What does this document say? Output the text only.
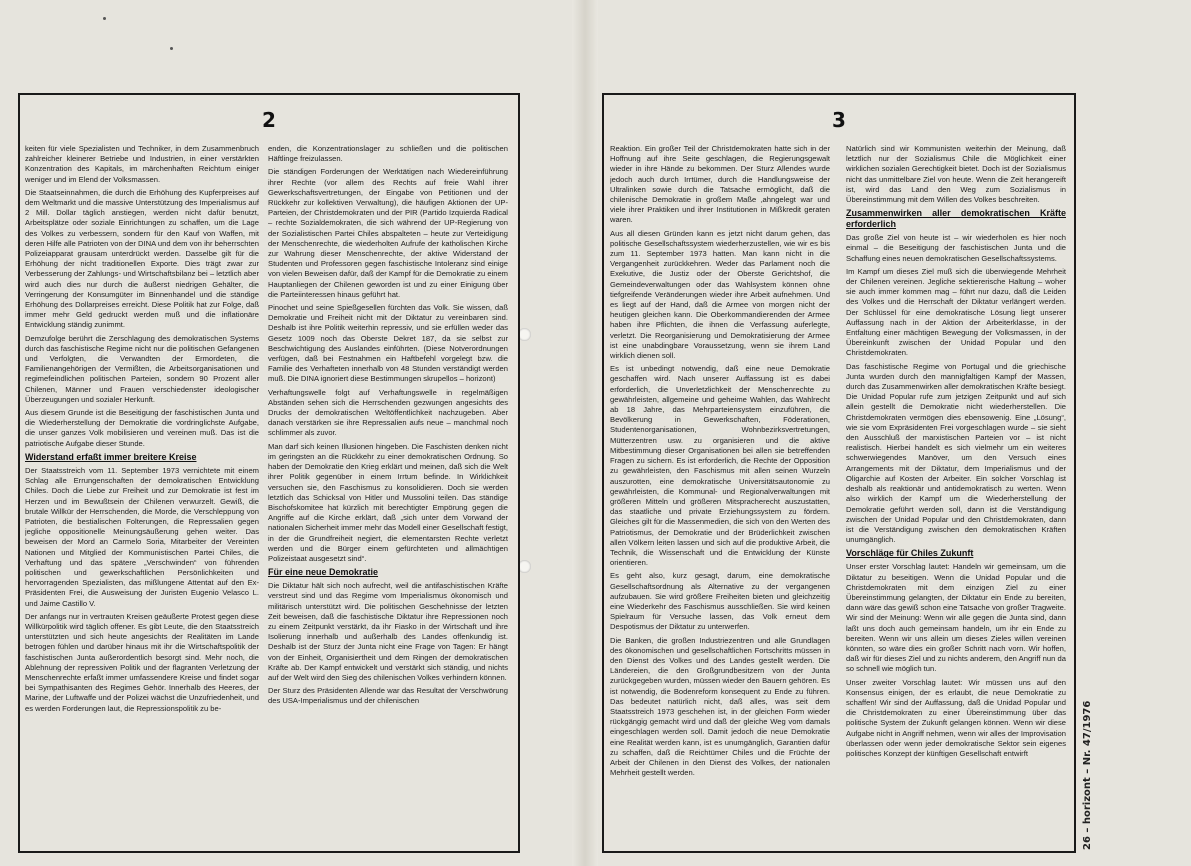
2

keiten für viele Spezialisten und Techniker, in dem Zusammenbruch zahlreicher kleinerer Betriebe und Industrien, in einer verstärkten Konzentration des Kapitals, im märchenhaften Reichtum einiger weniger und im Elend der Volksmassen.

Die Staatseinnahmen, die durch die Erhöhung des Kupferpreises auf dem Weltmarkt und die massive Unterstützung des Imperialismus auf 2 Mill. Dollar täglich anstiegen, werden nicht dafür benutzt, Arbeitsplätze oder soziale Einrichtungen zu schaffen, um die Lage des Volkes zu verbessern, sondern für den Kauf von Waffen, mit deren Hilfe alle Patrioten von der DINA und dem von ihr beherrschten Polizeiapparat grausam unterdrückt werden. Dasselbe gilt für die Erhöhung der nicht traditionellen Exporte. Dies trägt zwar zur Verbesserung der Zahlungs- und Wirtschaftsbilanz bei – letztlich aber wird auch dies nur durch die äußerst niedrigen Gehälter, die Verringerung der Konsumgüter im Binnenhandel und die ständige Erhöhung des Dollarpreises erreicht. Diese Politik hat zur Folge, daß immer mehr Geld gedruckt werden muß und die inflationäre Entwicklung ständig zunimmt.

Demzufolge berührt die Zerschlagung des demokratischen Systems durch das faschistische Regime nicht nur die politischen Gefangenen und Verfolgten, die Verwandten der Ermordeten, die Familienangehörigen der Vermißten, die Arbeitsorganisationen und regimefeindlichen politischen Parteien, sondern 90 Prozent aller Chilenen, Männer und Frauen verschiedenster ideologischer Überzeugungen und sozialer Herkunft.

Aus diesem Grunde ist die Beseitigung der faschistischen Junta und die Wiederherstellung der Demokratie die vordringlichste Aufgabe, die unser ganzes Volk mobilisieren und vereinen muß. Das ist die patriotische Aufgabe dieser Stunde.

Widerstand erfaßt immer breitere Kreise

Der Staatsstreich vom 11. September 1973 vernichtete mit einem Schlag alle Errungenschaften der demokratischen Entwicklung Chiles. Doch die Liebe zur Freiheit und zur Demokratie ist fest im Herzen und im Bewußtsein der Chilenen verwurzelt. Gewiß, die brutale Willkür der Herrschenden, die Morde, die Verschleppung von Patrioten, die bestialischen Folterungen, die Repressalien gegen jegliche oppositionelle Meinungsäußerung gehen weiter. Das beweisen der Mord an Carmelo Soria, Mitarbeiter der Vereinten Nationen und Mitglied der Kommunistischen Partei Chiles, die Verhaftung und das spätere „Verschwinden“ von führenden politischen und gewerkschaftlichen Persönlichkeiten und hervorragenden Spezialisten, das mißlungene Attentat auf den Ex-Präsidenten Frei, die Ausweisung der Juristen Eugenio Velasco L. und Jaime Castillo V.

Der anfangs nur in vertrauten Kreisen geäußerte Protest gegen diese Willkürpolitik wird täglich offener. Es gibt Leute, die den Staatsstreich unterstützten und sich heute angesichts der Realitäten im Lande betrogen fühlen und darüber hinaus mit ihr die Wirtschaftspolitik der faschistischen Junta außerordentlich besorgt sind. Mehr noch, die Ablehnung der repressiven Politik und der flagranten Verletzung der Menschenrechte erfaßt immer umfassendere Kreise und findet sogar bei Sympathisanten des Regimes Gehör. Innerhalb des Heeres, der Marine, der Luftwaffe und der Polizei wächst die Unzufriedenheit, und es werden Forderungen laut, die Repressionspolitik zu be-

enden, die Konzentrationslager zu schließen und die politischen Häftlinge freizulassen.

Die ständigen Forderungen der Werktätigen nach Wiedereinführung ihrer Rechte (vor allem des Rechts auf freie Wahl ihrer Gewerkschaftsvertretungen, der Eingabe von Petitionen und der Rückkehr zur kollektiven Verwaltung), die häufigen Aktionen der UP-Parteien, der Christdemokraten und der PIR (Partido Izquierda Radical – rechte Sozialdemokraten, die sich während der UP-Regierung von der Sozialistischen Partei Chiles abspalteten – heute zur Verteidigung der Menschenrechte, die wiederholten Aufrufe der katholischen Kirche zur Wahrung dieser Menschenrechte, der aktive Widerstand der Studenten und Professoren gegen faschistische Intoleranz sind einige von vielen Beweisen dafür, daß der Kampf für die Demokratie zu einem Hauptanliegen der Chilenen geworden ist und zu einer Einigung über die Parteiinteressen hinaus geführt hat.

Pinochet und seine Spießgesellen fürchten das Volk. Sie wissen, daß Demokratie und Freiheit nicht mit der Diktatur zu vereinbaren sind. Deshalb ist ihre Politik weiterhin repressiv, und sie erfüllen weder das Gesetz 1009 noch das Oberste Dekret 187, da sie selbst zur Beschwichtigung des Auslandes einführten. (Diese Notverordnungen verfügen, daß bei Festnahmen ein Haftbefehl vorgelegt bzw. die Familie des Verhafteten innerhalb von 48 Stunden verständigt werden muß. Die DINA ignoriert diese Bestimmungen skrupellos – horizont)

Verhaftungswelle folgt auf Verhaftungswelle in regelmäßigen Abständen sehen sich die Herrschenden gezwungen angesichts des Drucks der demokratischen Weltöffentlichkeit nachzugeben. Aber danach verstärken sie ihre Repressalien aufs neue – manchmal noch schlimmer als zuvor.

Man darf sich keinen Illusionen hingeben. Die Faschisten denken nicht im geringsten an die Rückkehr zu einer demokratischen Ordnung. So haben der Demokratie den Krieg erklärt und meinen, daß sich die Welt ihrer Politik gegenüber in einem Irrtum befinde. In Wirklichkeit versuchen sie, den Faschismus zu konsolidieren. Doch sie werden letztlich das Schicksal von Hitler und Mussolini teilen. Das ständige Bischofskomitee hat kürzlich mit berechtigter Empörung gegen die Angriffe auf die Kirche erklärt, daß „sich unter dem Vorwand der nationalen Sicherheit immer mehr das Modell einer Gesellschaft festigt, in der die Grundfreiheit negiert, die elementarsten Rechte verletzt werden und die Bürger einem gefürchteten und allmächtigen Polizeistaat ausgesetzt sind“.

Für eine neue Demokratie

Die Diktatur hält sich noch aufrecht, weil die antifaschistischen Kräfte verstreut sind und das Regime vom Imperialismus ökonomisch und militärisch unterstützt wird. Die politischen Geschehnisse der letzten Zeit beweisen, daß die faschistische Diktatur ihre Repressionen noch zu einem Zeitpunkt verstärkt, da ihr Fiasko in der Wirtschaft und ihre Isolierung innerhalb und außerhalb des Landes offenkundig ist. Deshalb ist der Sturz der Junta nicht eine Frage von Tagen: Er hängt von der Einheit, Organisiertheit und dem Ringen der demokratischen Kräfte ab. Der Kampf entwickelt und verstärkt sich ständig, und nichts auf der Welt wird den Sieg des chilenischen Volkes verhindern können.

Der Sturz des Präsidenten Allende war das Resultat der Verschwörung des USA-Imperialismus und der chilenischen

3

Reaktion. Ein großer Teil der Christdemokraten hatte sich in der Hoffnung auf ihre Seite geschlagen, die Regierungsgewalt wieder in ihre Hände zu bekommen. Der Sturz Allendes wurde jedoch auch durch Irrtümer, durch die Handlungsweise der Ultralinken sowie durch die Tatsache ermöglicht, daß die chilenische Demokratie in großem Maße ‚ahngelegt war und viele ihrer Praktiken und ihrer Institutionen in Mißkredit geraten waren.

Aus all diesen Gründen kann es jetzt nicht darum gehen, das politische Gesellschaftssystem wiederherzustellen, wie wir es bis zum 11. September 1973 hatten. Man kann nicht in die Vergangenheit zurückkehren. Weder das Parlament noch die Exekutive, die Justiz oder der Oberste Gerichtshof, die Gemeindeverwaltungen oder das Wahlsystem können ohne tiefgreifende Veränderungen wieder ihre Arbeit aufnehmen. Und es liegt auf der Hand, daß die Armee von morgen nicht der heutigen gleichen kann. Die Oberkommandierenden der Armee haben ihre Pflichten, die ihnen die Verfassung auferlegte, verletzt. Die Reorganisierung und Demokratisierung der Armee ist eine unabdingbare Voraussetzung, wenn sie ihrem Land wirklich dienen soll.

Es ist unbedingt notwendig, daß eine neue Demokratie geschaffen wird. Nach unserer Auffassung ist es dabei erforderlich, die Unverletzlichkeit der Menschenrechte zu gewährleisten, allgemeine und geheime Wahlen, das Wahlrecht ab 18 Jahre, das Mehrparteiensystem einzuführen, die Bevölkerung in Gewerkschaften, Föderationen, Studentenorganisationen, Wohnbezirksvertretungen, Mütterzentren usw. zu organisieren und die aktive Mitbestimmung dieser Organisationen bei allen sie betreffenden Fragen zu sichern. Es ist erforderlich, die Rechte der Opposition zu gewährleisten, den Faschismus mit allen seinen Wurzeln auszurotten, eine demokratische Universitätsautonomie zu gewährleisten, die Kommunal- und Regionalverwaltungen mit größeren Mitteln und größeren Mitspracherecht auszustatten, das staatliche und private Erziehungssystem zu fördern. Gleiches gilt für die Massenmedien, die sich von den Werten des Patriotismus, der Demokratie und der Brüderlichkeit zwischen allen Völkern leiten lassen und sich auf die produktive Arbeit, die Technik, die Wissenschaft und die Entwicklung der Künste orientieren.

Es geht also, kurz gesagt, darum, eine demokratische Gesellschaftsordnung als Alternative zu der vergangenen aufzubauen. Sie wird größere Freiheiten bieten und gleichzeitig eine Wiederkehr des Faschismus ausschließen. Sie wird keinen Spielraum für Versuche lassen, das Volk erneut dem Despotismus der Diktatur zu unterwerfen.

Die Banken, die großen Industriezentren und alle Grundlagen des ökonomischen und gesellschaftlichen Fortschritts müssen in den Dienst des Volkes und des Landes gestellt werden. Die Ländereien, die den Großgrundbesitzern von der Junta zurückgegeben wurden, müssen wieder den Bauern gehören. Es ist notwendig, die Bodenreform konsequent zu Ende zu führen. Das bedeutet natürlich nicht, daß alles, was seit dem Staatsstreich 1973 geschehen ist, in der gleichen Form wieder rückgängig gemacht wird und daß der gleiche Weg vom damals eingeschlagen werden soll. Damit jedoch die neue Demokratie eine Realität werden kann, ist es unumgänglich, Garantien dafür zu schaffen, daß die Reichtümer Chiles und die Früchte der Arbeit der Chilenen in den Dienst des Volkes, der nationalen Mehrheit gestellt werden.

Natürlich sind wir Kommunisten weiterhin der Meinung, daß letztlich nur der Sozialismus Chile die Möglichkeit einer wirklichen sozialen Gerechtigkeit bietet. Doch ist der Sozialismus nicht das unmittelbare Ziel von heute. Wenn die Zeit herangereift ist, wird das Land den Weg zum Sozialismus in Übereinstimmung mit dem Willen des Volkes beschreiten.

Zusammenwirken aller demokratischen Kräfte erforderlich

Das große Ziel von heute ist – wir wiederholen es hier noch einmal – die Beseitigung der faschistischen Junta und die Schaffung eines neuen demokratischen Gesellschaftssystems.

Im Kampf um dieses Ziel muß sich die überwiegende Mehrheit der Chilenen vereinen. Jegliche sektiererische Haltung – woher sie auch immer kommen mag – führt nur dazu, daß die Leiden des Volkes und die Herrschaft der Diktatur verlängert werden. Der Schlüssel für eine demokratische Lösung liegt unserer Auffassung nach in der Aktion der Arbeiterklasse, in der Entfaltung einer mächtigen Bewegung der Volksmassen, in der Übereinkunft zwischen der Unidad Popular und den Christdemokraten.

Das faschistische Regime von Portugal und die griechische Junta wurden durch den mannigfaltigen Kampf der Massen, durch das Zusammenwirken aller demokratischen Kräfte besiegt. Die Unidad Popular rufe zum jetzigen Zeitpunkt und auf sich allein gestellt die Demokratie nicht wiederherstellen. Die Christdemokraten vermögen dies ebensowenig. Eine „Lösung“, wie sie vom Expräsidenten Frei vorgeschlagen wurde – sie sieht den Ausschluß der marxistischen Parteien vor – ist nicht realistisch. Hierbei handelt es sich vielmehr um ein weiteres schwerwiegendes Manöver, um den Versuch eines Arrangements mit der Diktatur, dem Imperialismus und der Oligarchie auf Kosten der Arbeiter. Ein solcher Vorschlag ist deshalb als reaktionär und antidemokratisch zu werten. Wenn also wirklich der Kampf um die Wiederherstellung der Demokratie geführt werden soll, dann ist die Verständigung zwischen der Unidad Popular und den Christdemokraten, dann ist die Verständigung zwischen den demokratischen Kräften unumgänglich.

Vorschläge für Chiles Zukunft

Unser erster Vorschlag lautet: Handeln wir gemeinsam, um die Diktatur zu beseitigen. Wenn die Unidad Popular und die Christdemokraten mit dem einzigen Ziel zu einer Übereinstimmung gelangten, der Diktatur ein Ende zu bereiten, dann wäre das gewiß schon eine Tatsache von großer Tragweite. Wir sind der Meinung: Wenn wir alle gegen die Junta sind, dann laßt uns doch auch gemeinsam handeln, um ihr ein Ende zu bereiten. Wenn wir uns allein um dieses Zieles willen vereinen könnten, so wäre dies ein großer Schritt nach vorn. Wir hoffen, daß wir für dieses Ziel und zu nichts anderem, den Angriff nun da so schnell wie möglich tun.

Unser zweiter Vorschlag lautet: Wir müssen uns auf den Konsensus einigen, der es erlaubt, die neue Demokratie zu schaffen! Wir sind der Auffassung, daß die Unidad Popular und die Christdemokraten zu einer Übereinstimmung über das politische System der Zukunft gelangen können. Wenn wir diese Aufgabe nicht in Angriff nehmen, wenn wir alles der Improvisation überlassen oder wenn jeder demokratische Sektor sein eigenes politisches Konzept der künftigen Gesellschaft entwirft	26 – horizont – Nr. 47/1976
